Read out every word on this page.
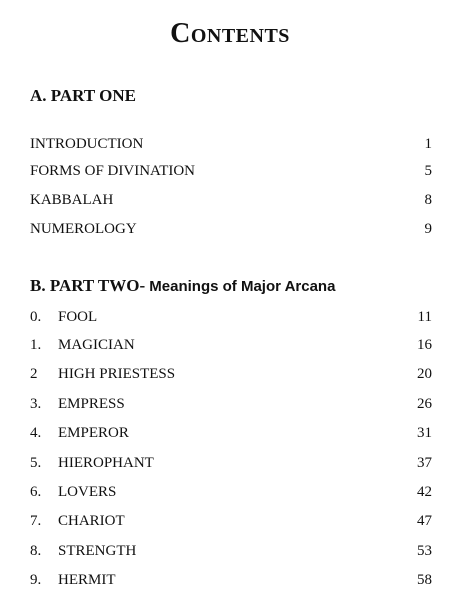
Contents
A. PART ONE
INTRODUCTION	1
FORMS OF DIVINATION	5
KABBALAH	8
NUMEROLOGY	9
B. PART TWO- Meanings of Major Arcana
0. FOOL	11
1. MAGICIAN	16
2 HIGH PRIESTESS	20
3. EMPRESS	26
4. EMPEROR	31
5. HIEROPHANT	37
6. LOVERS	42
7. CHARIOT	47
8. STRENGTH	53
9. HERMIT	58
